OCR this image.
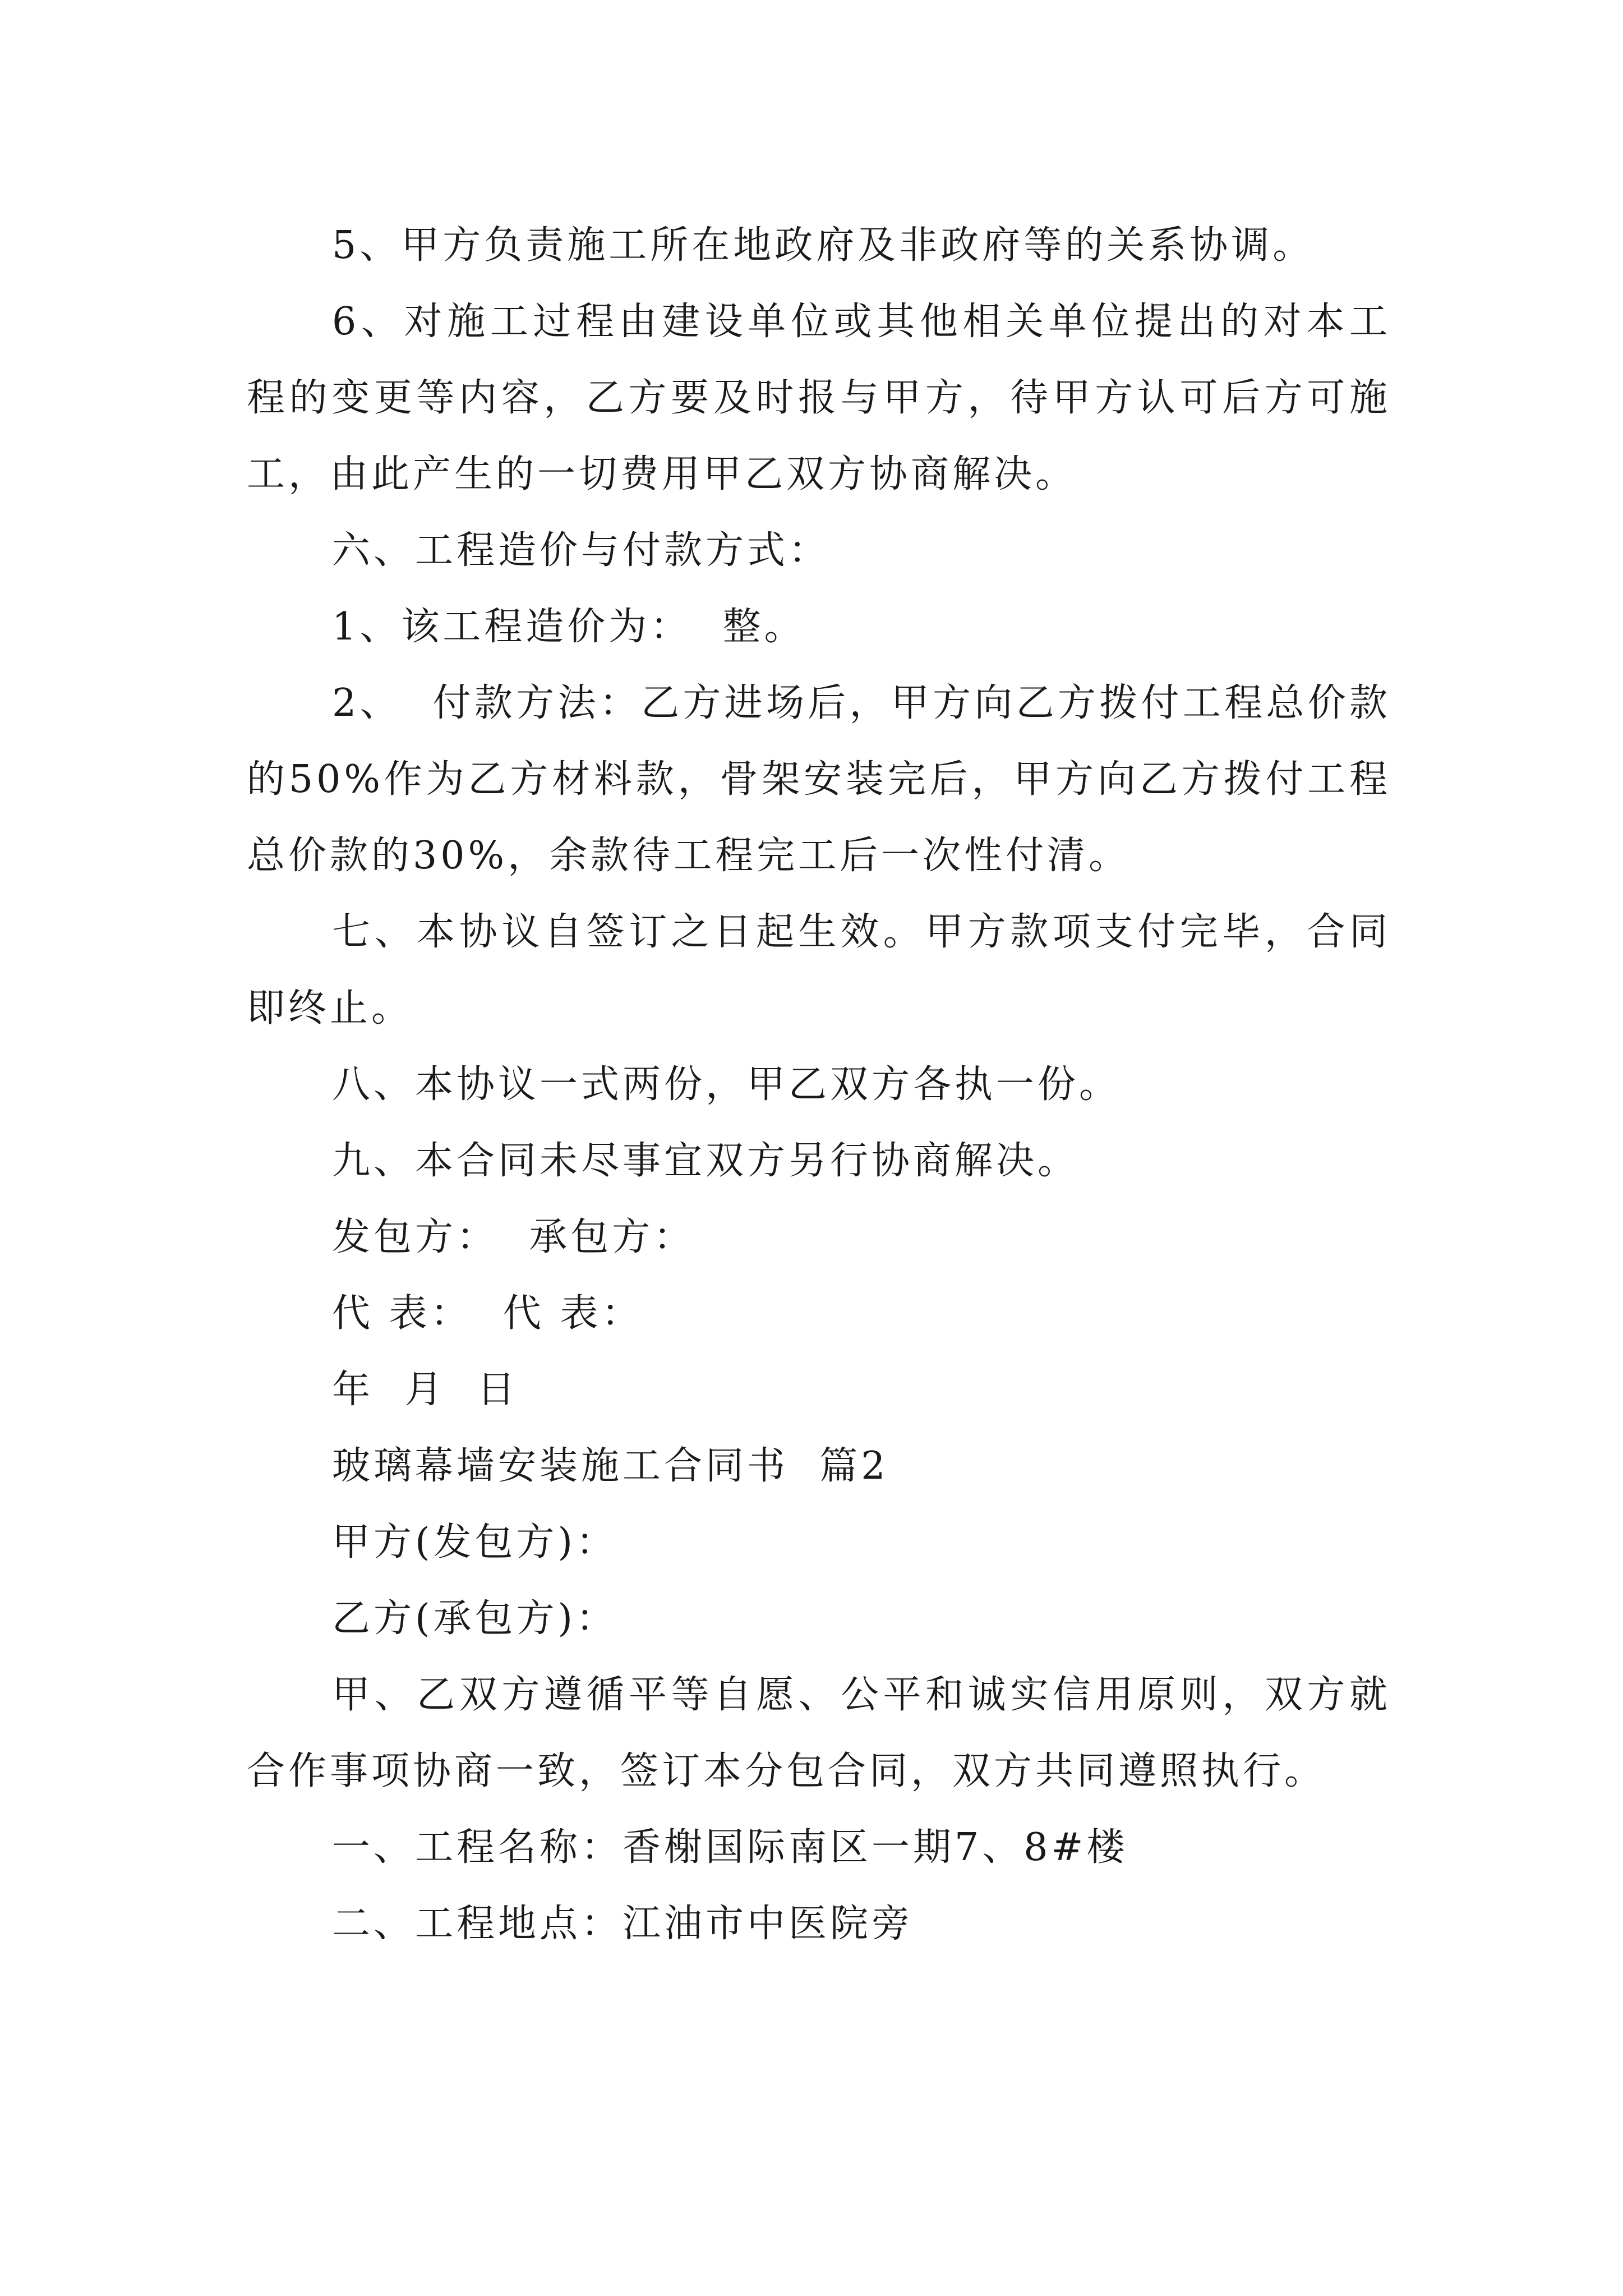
5、甲方负责施工所在地政府及非政府等的关系协调。

6、对施工过程由建设单位或其他相关单位提出的对本工程的变更等内容，乙方要及时报与甲方，待甲方认可后方可施工，由此产生的一切费用甲乙双方协商解决。

六、工程造价与付款方式：

1、该工程造价为：  整。

2、  付款方法：乙方进场后，甲方向乙方拨付工程总价款的50%作为乙方材料款，骨架安装完后，甲方向乙方拨付工程总价款的30%，余款待工程完工后一次性付清。

七、本协议自签订之日起生效。甲方款项支付完毕，合同即终止。

八、本协议一式两份，甲乙双方各执一份。

九、本合同未尽事宜双方另行协商解决。

发包方：  承包方：

代 表：  代 表：

年  月  日

玻璃幕墙安装施工合同书  篇2

甲方(发包方)：

乙方(承包方)：

甲、乙双方遵循平等自愿、公平和诚实信用原则，双方就  合作事项协商一致，签订本分包合同，双方共同遵照执行。

一、工程名称：香榭国际南区一期7、8#楼

二、工程地点：江油市中医院旁
